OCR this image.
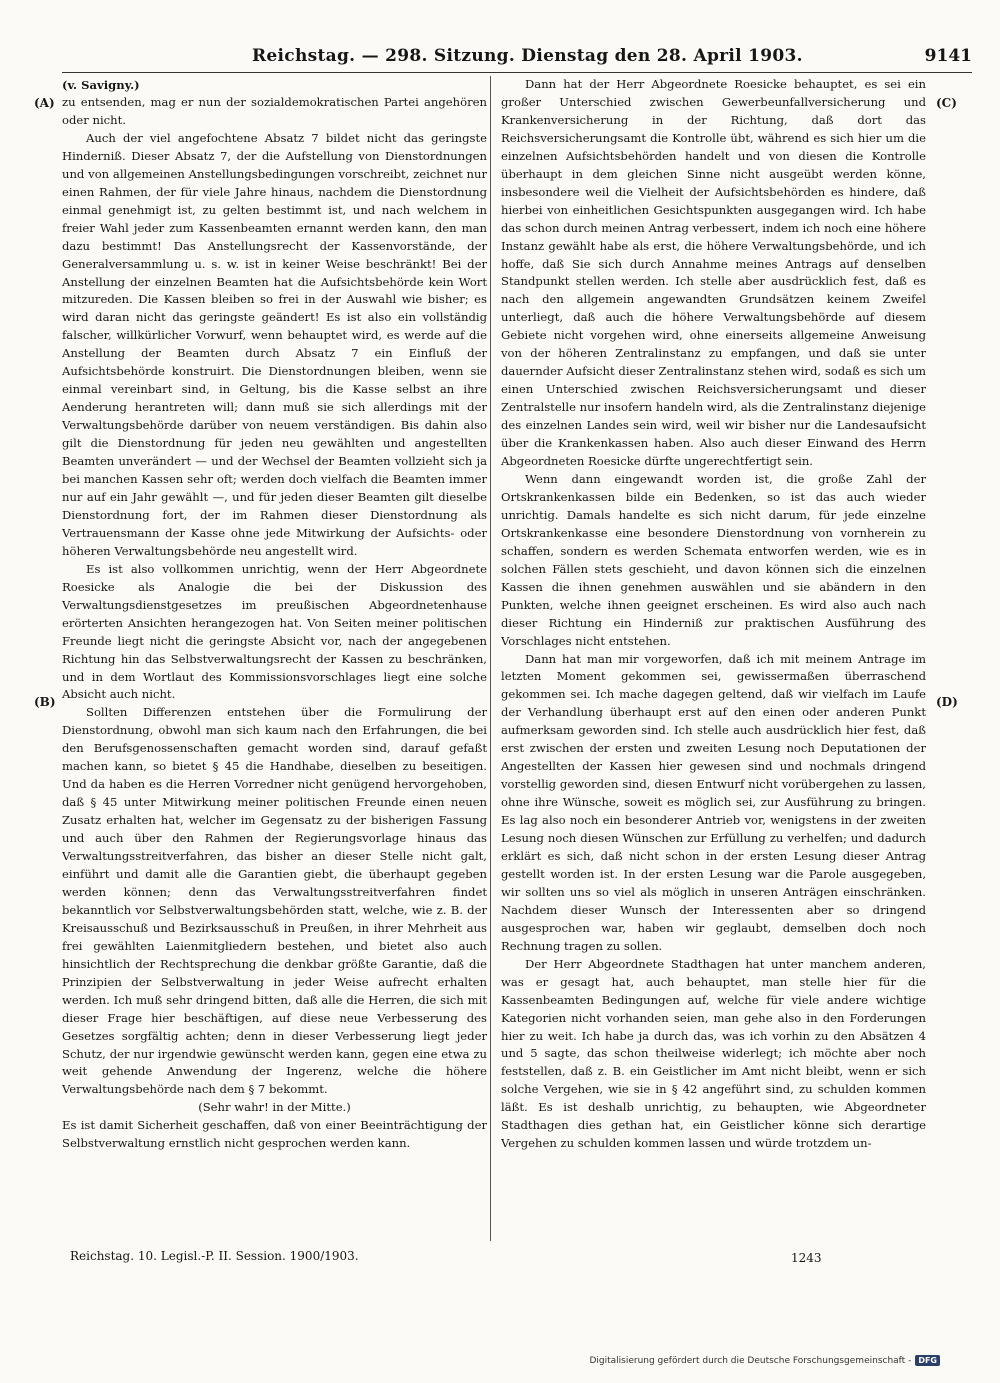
Reichstag. — 298. Sitzung. Dienstag den 28. April 1903.	9141
(A)
(B)
(C)
(D)
(v. Savigny.)

zu entsenden, mag er nun der sozialdemokratischen Partei angehören oder nicht.

Auch der viel angefochtene Absatz 7 bildet nicht das geringste Hinderniß. Dieser Absatz 7, der die Aufstellung von Dienstordnungen und von allgemeinen Anstellungsbedingungen vorschreibt, zeichnet nur einen Rahmen, der für viele Jahre hinaus, nachdem die Dienstordnung einmal genehmigt ist, zu gelten bestimmt ist, und nach welchem in freier Wahl jeder zum Kassenbeamten ernannt werden kann, den man dazu bestimmt! Das Anstellungsrecht der Kassenvorstände, der Generalversammlung u. s. w. ist in keiner Weise beschränkt! Bei der Anstellung der einzelnen Beamten hat die Aufsichtsbehörde kein Wort mitzureden. Die Kassen bleiben so frei in der Auswahl wie bisher; es wird daran nicht das geringste geändert! Es ist also ein vollständig falscher, willkürlicher Vorwurf, wenn behauptet wird, es werde auf die Anstellung der Beamten durch Absatz 7 ein Einfluß der Aufsichtsbehörde konstruirt. Die Dienstordnungen bleiben, wenn sie einmal vereinbart sind, in Geltung, bis die Kasse selbst an ihre Aenderung herantreten will; dann muß sie sich allerdings mit der Verwaltungsbehörde darüber von neuem verständigen. Bis dahin also gilt die Dienstordnung für jeden neu gewählten und angestellten Beamten unverändert — und der Wechsel der Beamten vollzieht sich ja bei manchen Kassen sehr oft; werden doch vielfach die Beamten immer nur auf ein Jahr gewählt —, und für jeden dieser Beamten gilt dieselbe Dienstordnung fort, der im Rahmen dieser Dienstordnung als Vertrauensmann der Kasse ohne jede Mitwirkung der Aufsichts- oder höheren Verwaltungsbehörde neu angestellt wird.

Es ist also vollkommen unrichtig, wenn der Herr Abgeordnete Roesicke als Analogie die bei der Diskussion des Verwaltungsdienstgesetzes im preußischen Abgeordnetenhause erörterten Ansichten herangezogen hat. Von Seiten meiner politischen Freunde liegt nicht die geringste Absicht vor, nach der angegebenen Richtung hin das Selbstverwaltungsrecht der Kassen zu beschränken, und in dem Wortlaut des Kommissionsvorschlages liegt eine solche Absicht auch nicht.

Sollten Differenzen entstehen über die Formulirung der Dienstordnung, obwohl man sich kaum nach den Erfahrungen, die bei den Berufsgenossenschaften gemacht worden sind, darauf gefaßt machen kann, so bietet § 45 die Handhabe, dieselben zu beseitigen. Und da haben es die Herren Vorredner nicht genügend hervorgehoben, daß § 45 unter Mitwirkung meiner politischen Freunde einen neuen Zusatz erhalten hat, welcher im Gegensatz zu der bisherigen Fassung und auch über den Rahmen der Regierungsvorlage hinaus das Verwaltungsstreitverfahren, das bisher an dieser Stelle nicht galt, einführt und damit alle die Garantien giebt, die überhaupt gegeben werden können; denn das Verwaltungsstreitverfahren findet bekanntlich vor Selbstverwaltungsbehörden statt, welche, wie z. B. der Kreisausschuß und Bezirksausschuß in Preußen, in ihrer Mehrheit aus frei gewählten Laienmitgliedern bestehen, und bietet also auch hinsichtlich der Rechtsprechung die denkbar größte Garantie, daß die Prinzipien der Selbstverwaltung in jeder Weise aufrecht erhalten werden. Ich muß sehr dringend bitten, daß alle die Herren, die sich mit dieser Frage hier beschäftigen, auf diese neue Verbesserung des Gesetzes sorgfältig achten; denn in dieser Verbesserung liegt jeder Schutz, der nur irgendwie gewünscht werden kann, gegen eine etwa zu weit gehende Anwendung der Ingerenz, welche die höhere Verwaltungsbehörde nach dem § 7 bekommt.

(Sehr wahr! in der Mitte.)

Es ist damit Sicherheit geschaffen, daß von einer Beeinträchtigung der Selbstverwaltung ernstlich nicht gesprochen werden kann.

Dann hat der Herr Abgeordnete Roesicke behauptet, es sei ein großer Unterschied zwischen Gewerbeunfallversicherung und Krankenversicherung in der Richtung, daß dort das Reichsversicherungsamt die Kontrolle übt, während es sich hier um die einzelnen Aufsichtsbehörden handelt und von diesen die Kontrolle überhaupt in dem gleichen Sinne nicht ausgeübt werden könne, insbesondere weil die Vielheit der Aufsichtsbehörden es hindere, daß hierbei von einheitlichen Gesichtspunkten ausgegangen wird. Ich habe das schon durch meinen Antrag verbessert, indem ich noch eine höhere Instanz gewählt habe als erst, die höhere Verwaltungsbehörde, und ich hoffe, daß Sie sich durch Annahme meines Antrags auf denselben Standpunkt stellen werden. Ich stelle aber ausdrücklich fest, daß es nach den allgemein angewandten Grundsätzen keinem Zweifel unterliegt, daß auch die höhere Verwaltungsbehörde auf diesem Gebiete nicht vorgehen wird, ohne einerseits allgemeine Anweisung von der höheren Zentralinstanz zu empfangen, und daß sie unter dauernder Aufsicht dieser Zentralinstanz stehen wird, sodaß es sich um einen Unterschied zwischen Reichsversicherungsamt und dieser Zentralstelle nur insofern handeln wird, als die Zentralinstanz diejenige des einzelnen Landes sein wird, weil wir bisher nur die Landesaufsicht über die Krankenkassen haben. Also auch dieser Einwand des Herrn Abgeordneten Roesicke dürfte ungerechtfertigt sein.

Wenn dann eingewandt worden ist, die große Zahl der Ortskrankenkassen bilde ein Bedenken, so ist das auch wieder unrichtig. Damals handelte es sich nicht darum, für jede einzelne Ortskrankenkasse eine besondere Dienstordnung von vornherein zu schaffen, sondern es werden Schemata entworfen werden, wie es in solchen Fällen stets geschieht, und davon können sich die einzelnen Kassen die ihnen genehmen auswählen und sie abändern in den Punkten, welche ihnen geeignet erscheinen. Es wird also auch nach dieser Richtung ein Hinderniß zur praktischen Ausführung des Vorschlages nicht entstehen.

Dann hat man mir vorgeworfen, daß ich mit meinem Antrage im letzten Moment gekommen sei, gewissermaßen überraschend gekommen sei. Ich mache dagegen geltend, daß wir vielfach im Laufe der Verhandlung überhaupt erst auf den einen oder anderen Punkt aufmerksam geworden sind. Ich stelle auch ausdrücklich hier fest, daß erst zwischen der ersten und zweiten Lesung noch Deputationen der Angestellten der Kassen hier gewesen sind und nochmals dringend vorstellig geworden sind, diesen Entwurf nicht vorübergehen zu lassen, ohne ihre Wünsche, soweit es möglich sei, zur Ausführung zu bringen. Es lag also noch ein besonderer Antrieb vor, wenigstens in der zweiten Lesung noch diesen Wünschen zur Erfüllung zu verhelfen; und dadurch erklärt es sich, daß nicht schon in der ersten Lesung dieser Antrag gestellt worden ist. In der ersten Lesung war die Parole ausgegeben, wir sollten uns so viel als möglich in unseren Anträgen einschränken. Nachdem dieser Wunsch der Interessenten aber so dringend ausgesprochen war, haben wir geglaubt, demselben doch noch Rechnung tragen zu sollen.

Der Herr Abgeordnete Stadthagen hat unter manchem anderen, was er gesagt hat, auch behauptet, man stelle hier für die Kassenbeamten Bedingungen auf, welche für viele andere wichtige Kategorien nicht vorhanden seien, man gehe also in den Forderungen hier zu weit. Ich habe ja durch das, was ich vorhin zu den Absätzen 4 und 5 sagte, das schon theilweise widerlegt; ich möchte aber noch feststellen, daß z. B. ein Geistlicher im Amt nicht bleibt, wenn er sich solche Vergehen, wie sie in § 42 angeführt sind, zu schulden kommen läßt. Es ist deshalb unrichtig, zu behaupten, wie Abgeordneter Stadthagen dies gethan hat, ein Geistlicher könne sich derartige Vergehen zu schulden kommen lassen und würde trotzdem un-

Reichstag. 10. Legisl.-P. II. Session. 1900/1903.	1243
Digitalisierung gefördert durch die Deutsche Forschungsgemeinschaft - DFG
